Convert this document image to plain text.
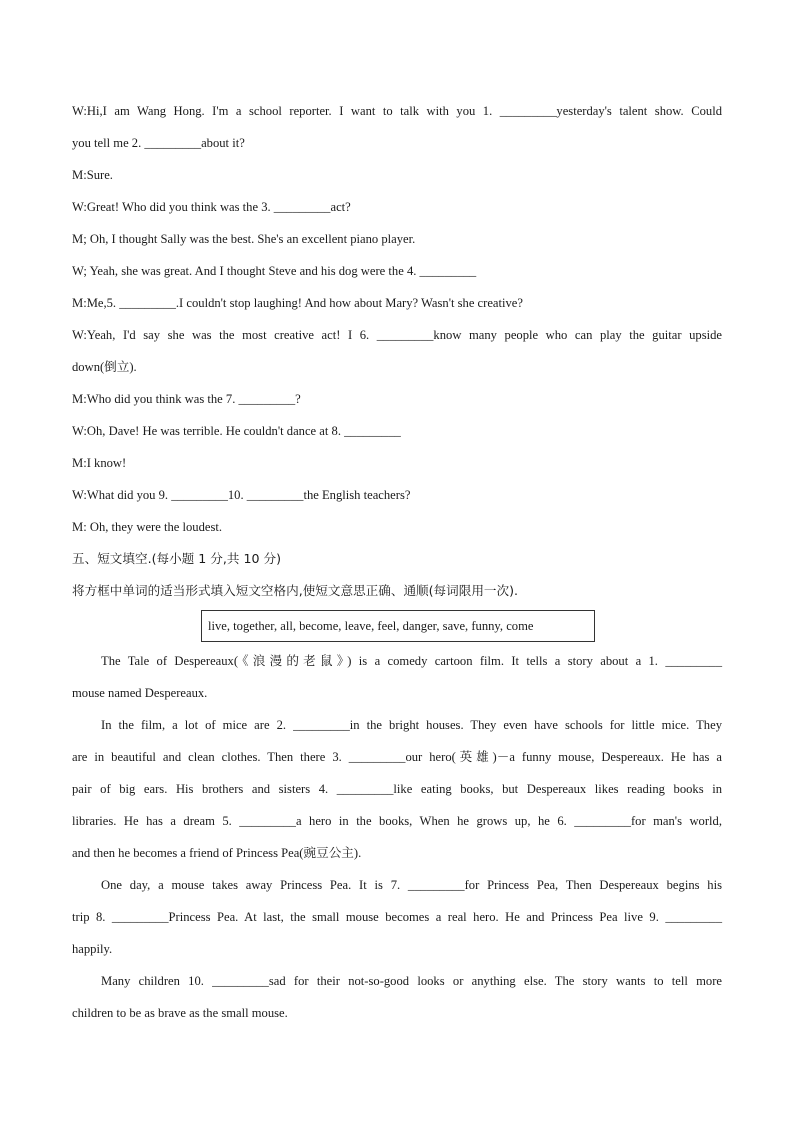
W:Hi,I am Wang Hong. I'm a school reporter. I want to talk with you 1. _________yesterday's talent show. Could
you tell me 2. _________about it?
M:Sure.
W:Great! Who did you think was the 3. _________act?
M; Oh, I thought Sally was the best. She's an excellent piano player.
W; Yeah, she was great. And I thought Steve and his dog were the 4. _________
M:Me,5. _________.I couldn't stop laughing! And how about Mary? Wasn't she creative?
W:Yeah, I'd say she was the most creative act! I 6. _________know many people who can play the guitar upside
down(倒立).
M:Who did you think was the 7. _________?
W:Oh, Dave! He was terrible. He couldn't dance at 8. _________
M:I know!
W:What did you 9. _________10. _________the English teachers?
M: Oh, they were the loudest.
五、短文填空.(每小题 1 分,共 10 分)
将方框中单词的适当形式填入短文空格内,使短文意思正确、通顺(每词限用一次).
live, together, all, become, leave, feel, danger, save, funny, come
The Tale of Despereaux(《浪漫的老鼠》) is a comedy cartoon film. It tells a story about a 1. _________
mouse named Despereaux.
In the film, a lot of mice are 2. _________in the bright houses. They even have schools for little mice. They
are in beautiful and clean clothes. Then there 3. _________our hero(英雄)－a funny mouse, Despereaux. He has a
pair of big ears. His brothers and sisters 4. _________like eating books, but Despereaux likes reading books in
libraries. He has a dream 5. _________a hero in the books, When he grows up, he 6. _________for man's world,
and then he becomes a friend of Princess Pea(豌豆公主).
One day, a mouse takes away Princess Pea. It is 7. _________for Princess Pea, Then Despereaux begins his
trip 8. _________Princess Pea. At last, the small mouse becomes a real hero. He and Princess Pea live 9. _________
happily.
Many children 10. _________sad for their not-so-good looks or anything else. The story wants to tell more
children to be as brave as the small mouse.
